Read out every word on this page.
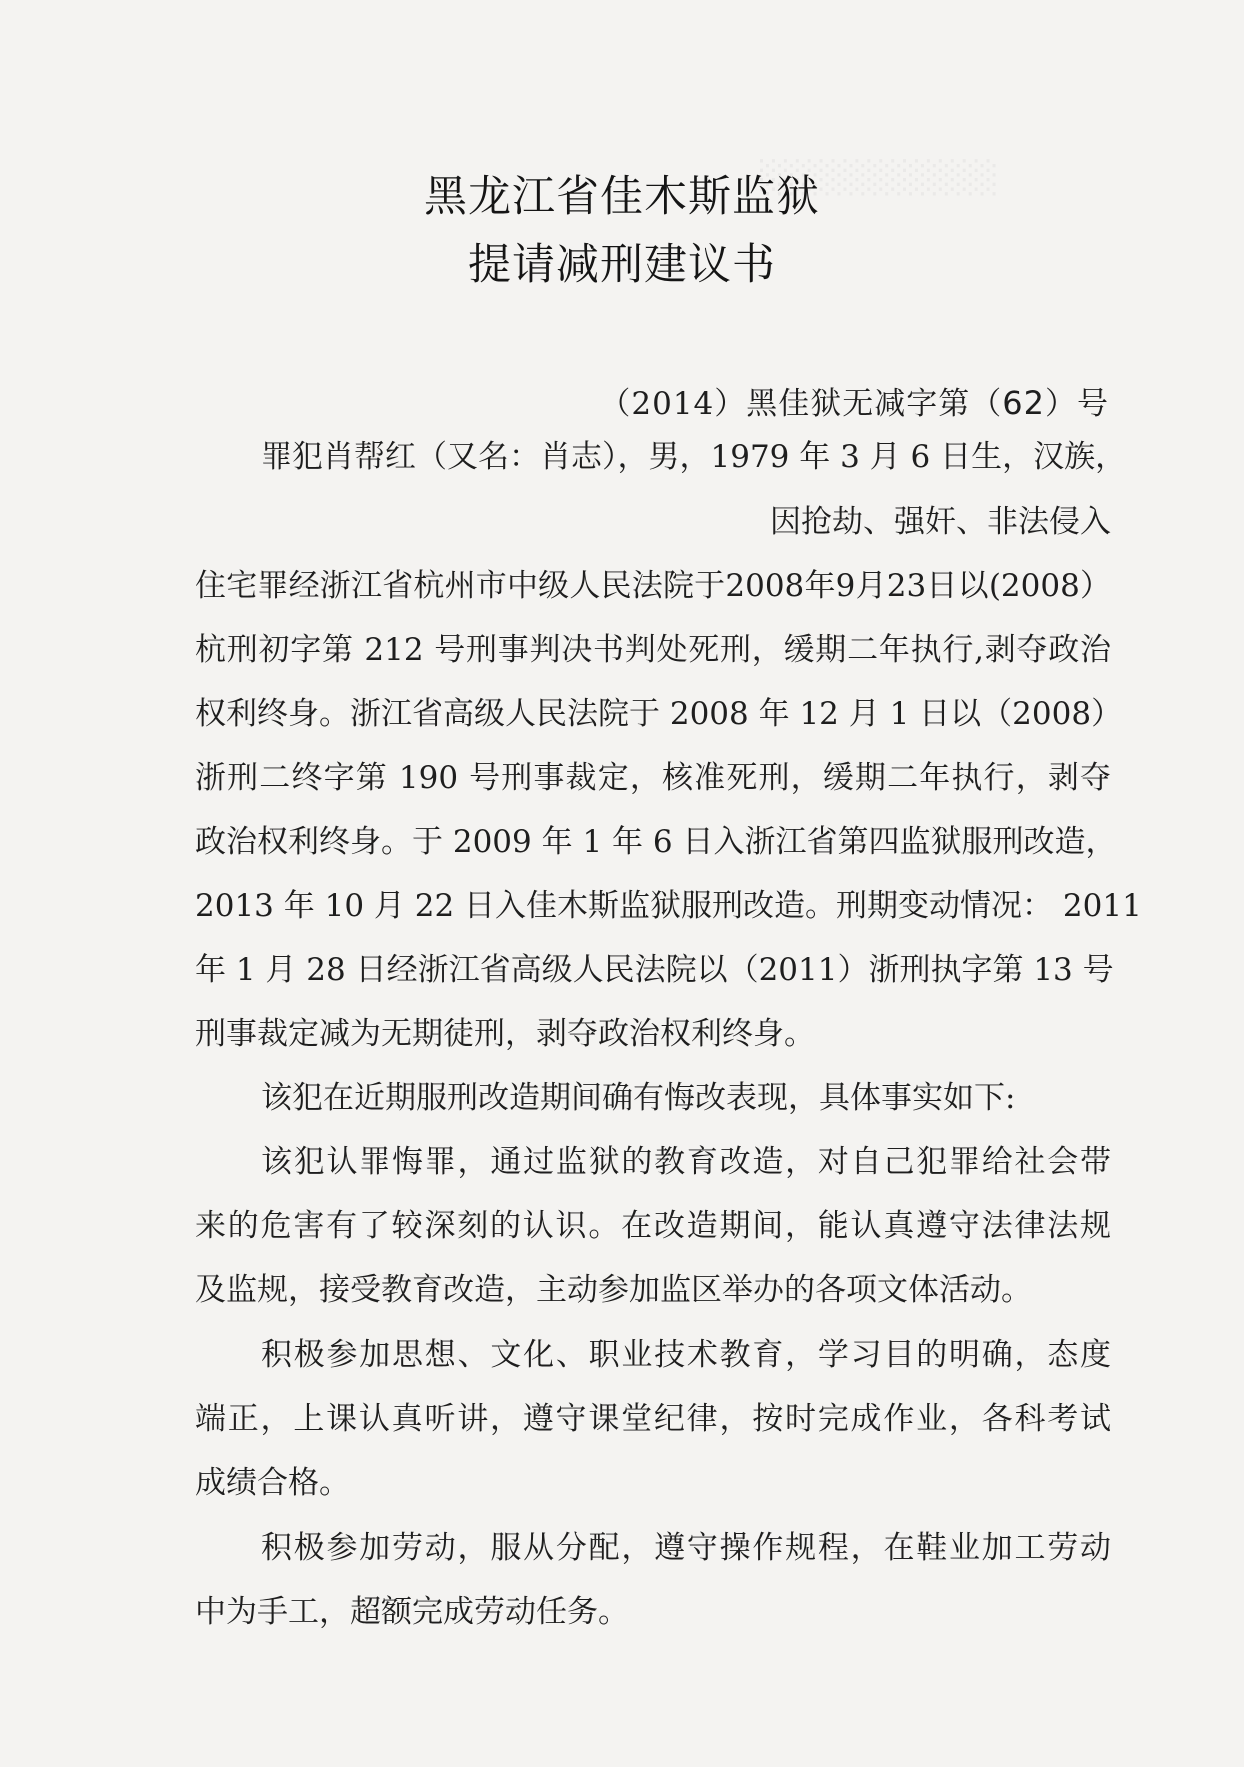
░░░░░░░░░░
黑龙江省佳木斯监狱
提请减刑建议书
（2014）黑佳狱无减字第（62）号
罪犯肖帮红（又名：肖志），男，1979 年 3 月 6 日生，汉族，
因抢劫、强奸、非法侵入
住宅罪经浙江省杭州市中级人民法院于2008年9月23日以(2008）
杭刑初字第 212 号刑事判决书判处死刑，缓期二年执行,剥夺政治
权利终身。浙江省高级人民法院于 2008 年 12 月 1 日以（2008）
浙刑二终字第 190 号刑事裁定，核准死刑，缓期二年执行，剥夺
政治权利终身。于 2009 年 1 年 6 日入浙江省第四监狱服刑改造，
2013 年 10 月 22 日入佳木斯监狱服刑改造。刑期变动情况： 2011
年 1 月 28 日经浙江省高级人民法院以（2011）浙刑执字第 13 号
刑事裁定减为无期徒刑，剥夺政治权利终身。
该犯在近期服刑改造期间确有悔改表现，具体事实如下:
该犯认罪悔罪，通过监狱的教育改造，对自己犯罪给社会带
来的危害有了较深刻的认识。在改造期间，能认真遵守法律法规
及监规，接受教育改造，主动参加监区举办的各项文体活动。
积极参加思想、文化、职业技术教育，学习目的明确，态度
端正，上课认真听讲，遵守课堂纪律，按时完成作业，各科考试
成绩合格。
积极参加劳动，服从分配，遵守操作规程，在鞋业加工劳动
中为手工，超额完成劳动任务。
